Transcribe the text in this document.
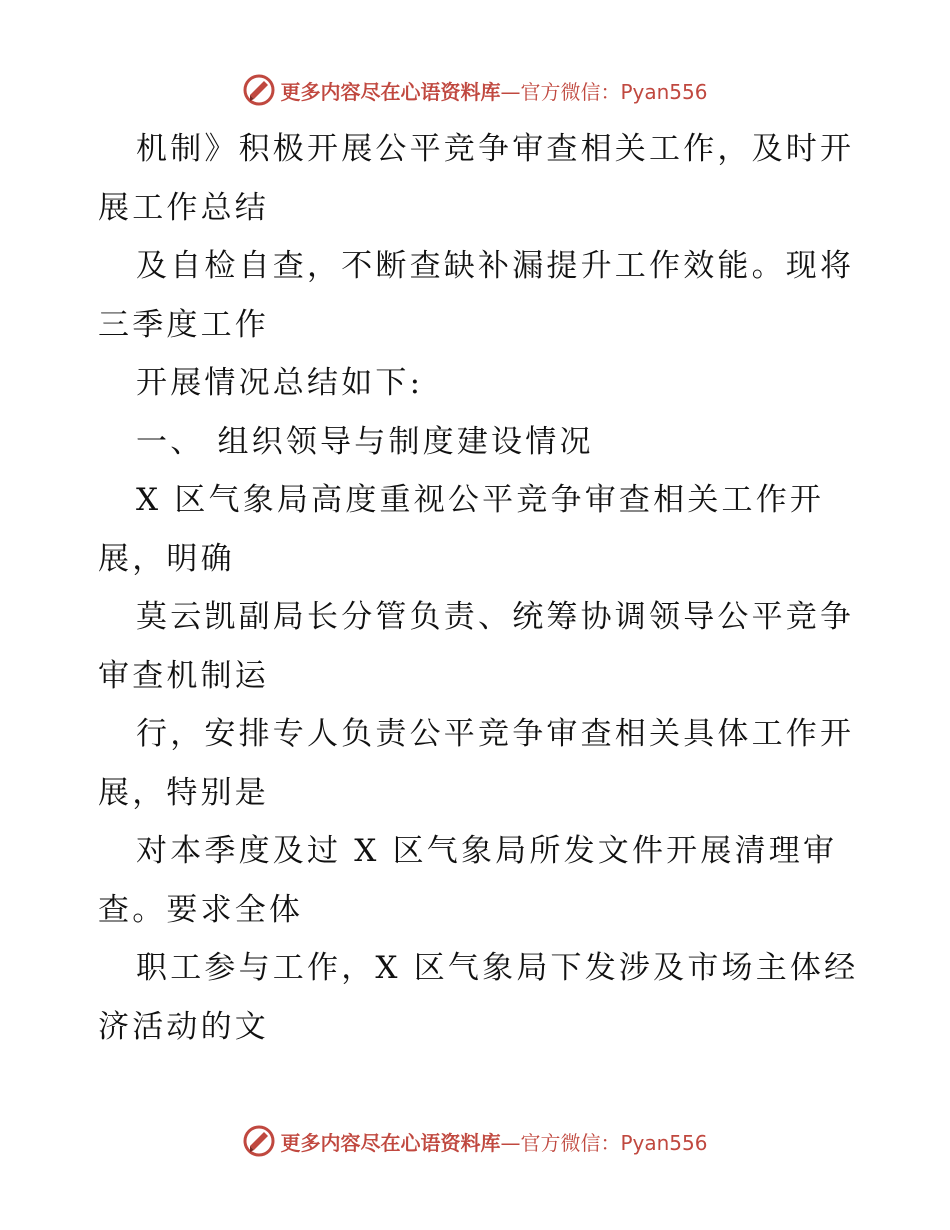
更多内容尽在心语资料库—官方微信：Pyan556
机制》积极开展公平竞争审查相关工作，及时开
展工作总结
及自检自查，不断查缺补漏提升工作效能。现将
三季度工作
开展情况总结如下:
一、 组织领导与制度建设情况
X 区气象局高度重视公平竞争审查相关工作开
展，明确
莫云凯副局长分管负责、统筹协调领导公平竞争
审查机制运
行，安排专人负责公平竞争审查相关具体工作开
展，特别是
对本季度及过 X 区气象局所发文件开展清理审
查。要求全体
职工参与工作，X 区气象局下发涉及市场主体经
济活动的文
更多内容尽在心语资料库—官方微信：Pyan556
